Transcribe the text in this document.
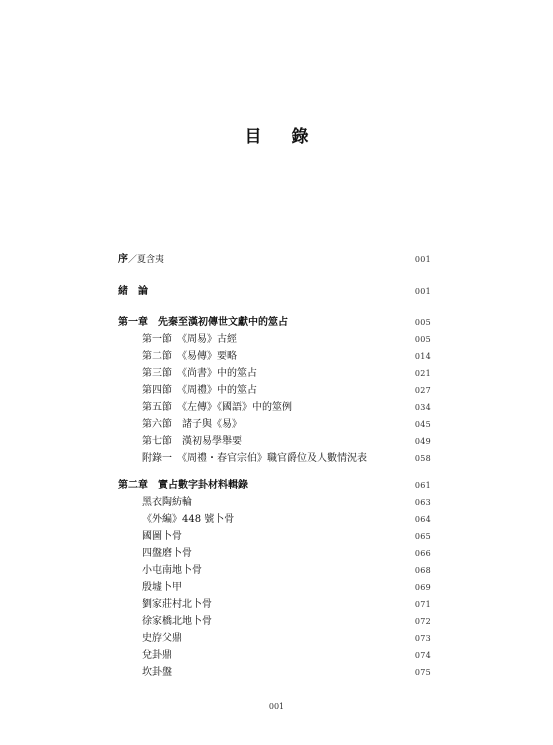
目 錄
序／夏含夷	001
緒　論	001
第一章　先秦至漢初傳世文獻中的筮占	005
第一節　《周易》古經	005
第二節　《易傳》要略	014
第三節　《尚書》中的筮占	021
第四節　《周禮》中的筮占	027
第五節　《左傳》《國語》中的筮例	034
第六節　諸子與《易》	045
第七節　漢初易學舉要	049
附錄一　《周禮・春官宗伯》職官爵位及人數情況表	058
第二章　實占數字卦材料輯錄	061
黑衣陶紡輪	063
《外編》448 號卜骨	064
國圖卜骨	065
四盤磨卜骨	066
小屯南地卜骨	068
殷墟卜甲	069
劉家莊村北卜骨	071
徐家橋北地卜骨	072
史斿父鼎	073
兌卦鼎	074
坎卦盤	075
001
